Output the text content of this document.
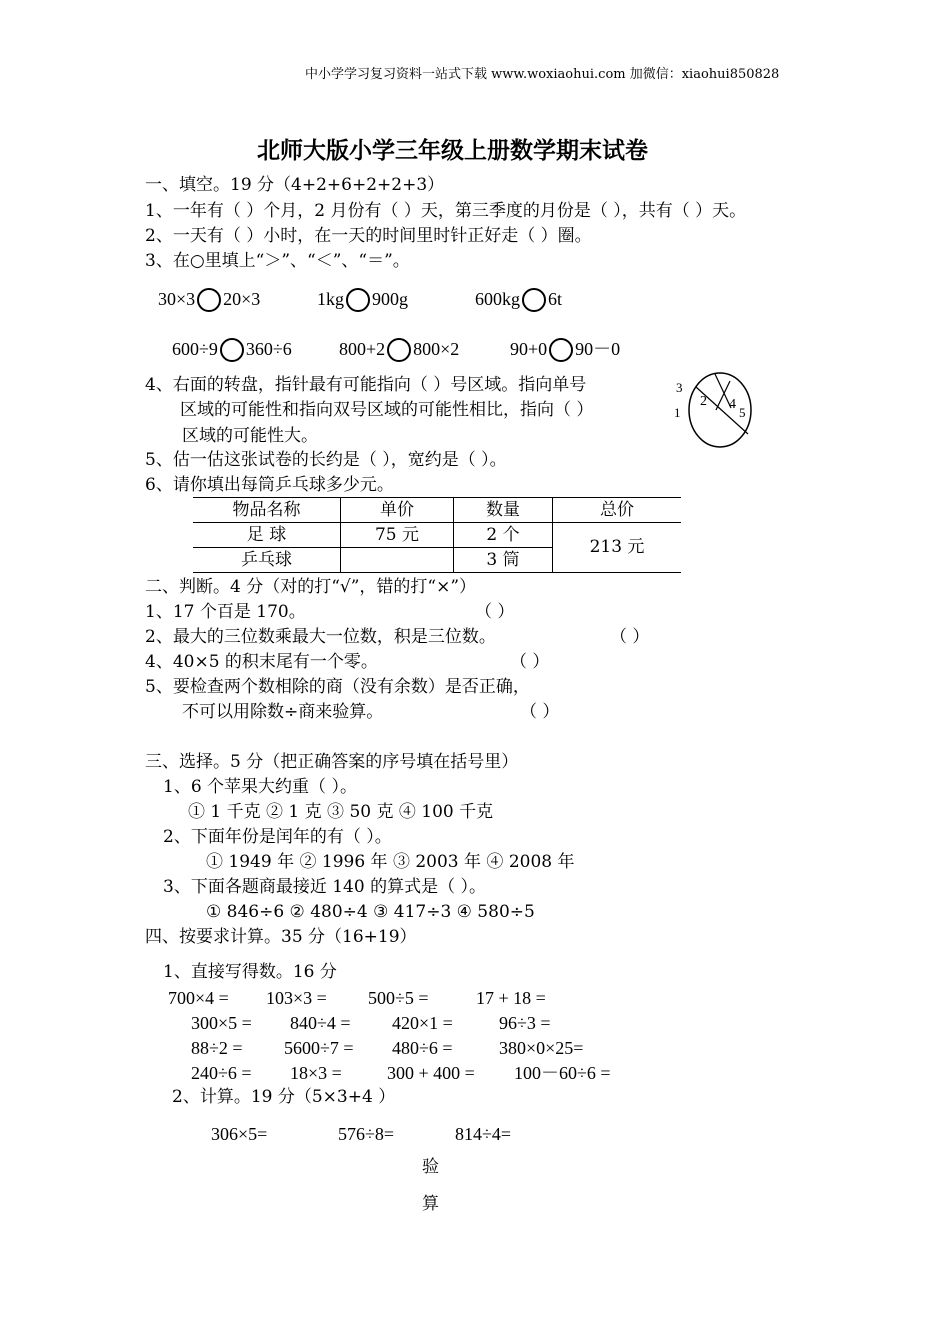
中小学学习复习资料一站式下载 www.woxiaohui.com 加微信：xiaohui850828
北师大版小学三年级上册数学期末试卷
一、填空。19 分（4+2+6+2+2+3）
1、一年有（ ）个月，2 月份有（ ）天，第三季度的月份是（ ），共有（ ）天。
2、一天有（ ）小时，在一天的时间里时针正好走（ ）圈。
3、在○里填上“＞”、“＜”、“＝”。
30×3 20×3	1kg 900g	600kg 6t
600÷9 360÷6	800+2 800×2	90+0 90－0
4、右面的转盘，指针最有可能指向（ ）号区域。指向单号
区域的可能性和指向双号区域的可能性相比，指向（ ）
区域的可能性大。
3
1
2 4
5
5、估一估这张试卷的长约是（ ），宽约是（ ）。
6、请你填出每筒乒乓球多少元。
物品名称	单价	数量	总价
足 球	75 元	2 个	213 元
乒乓球		3 筒	
二、判断。4 分（对的打“√”，错的打“×”）
1、17 个百是 170。	（ ）
2、最大的三位数乘最大一位数，积是三位数。	（ ）
4、40×5 的积末尾有一个零。	（ ）
5、要检查两个数相除的商（没有余数）是否正确，
不可以用除数÷商来验算。	（ ）
三、选择。5 分（把正确答案的序号填在括号里）
1、6 个苹果大约重（ ）。
① 1 千克 ② 1 克 ③ 50 克 ④ 100 千克
2、下面年份是闰年的有（ ）。
① 1949 年 ② 1996 年 ③ 2003 年 ④ 2008 年
3、下面各题商最接近 140 的算式是（ ）。
① 846÷6 ② 480÷4 ③ 417÷3 ④ 580÷5
四、按要求计算。35 分（16+19）
1、直接写得数。16 分
700×4 = 103×3 = 500÷5 =	17 + 18 =
300×5 = 840÷4 = 420×1 =	96÷3 =
88÷2 = 5600÷7 = 480÷6 =	380×0×25=
240÷6 = 18×3 =	300 + 400 = 100－60÷6 =
2、计算。19 分（5×3+4 ）
306×5=	576÷8=	814÷4=
验
算
